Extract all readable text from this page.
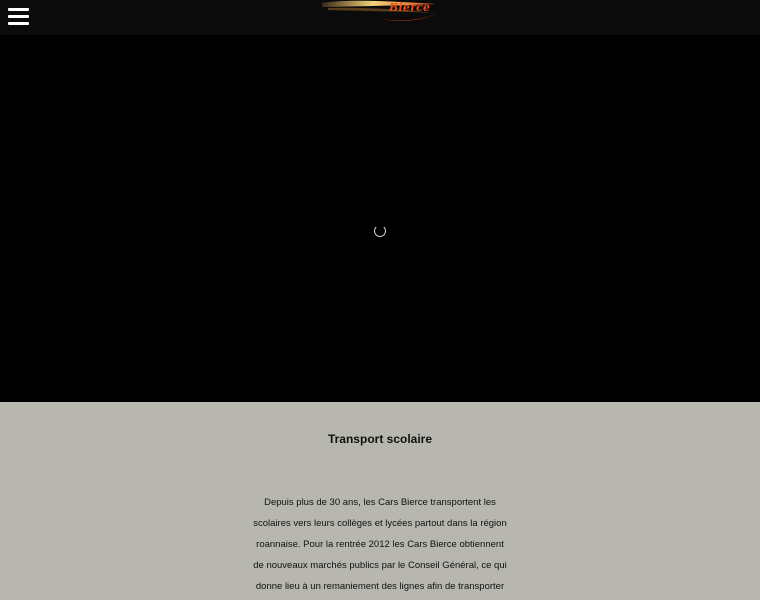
Bierce
Transport scolaire
Depuis plus de 30 ans, les Cars Bierce transportent les
scolaires vers leurs collèges et lycées partout dans la région
roannaise. Pour la rentrée 2012 les Cars Bierce obtiennent
de nouveaux marchés publics par le Conseil Général, ce qui
donne lieu à un remaniement des lignes afin de transporter
